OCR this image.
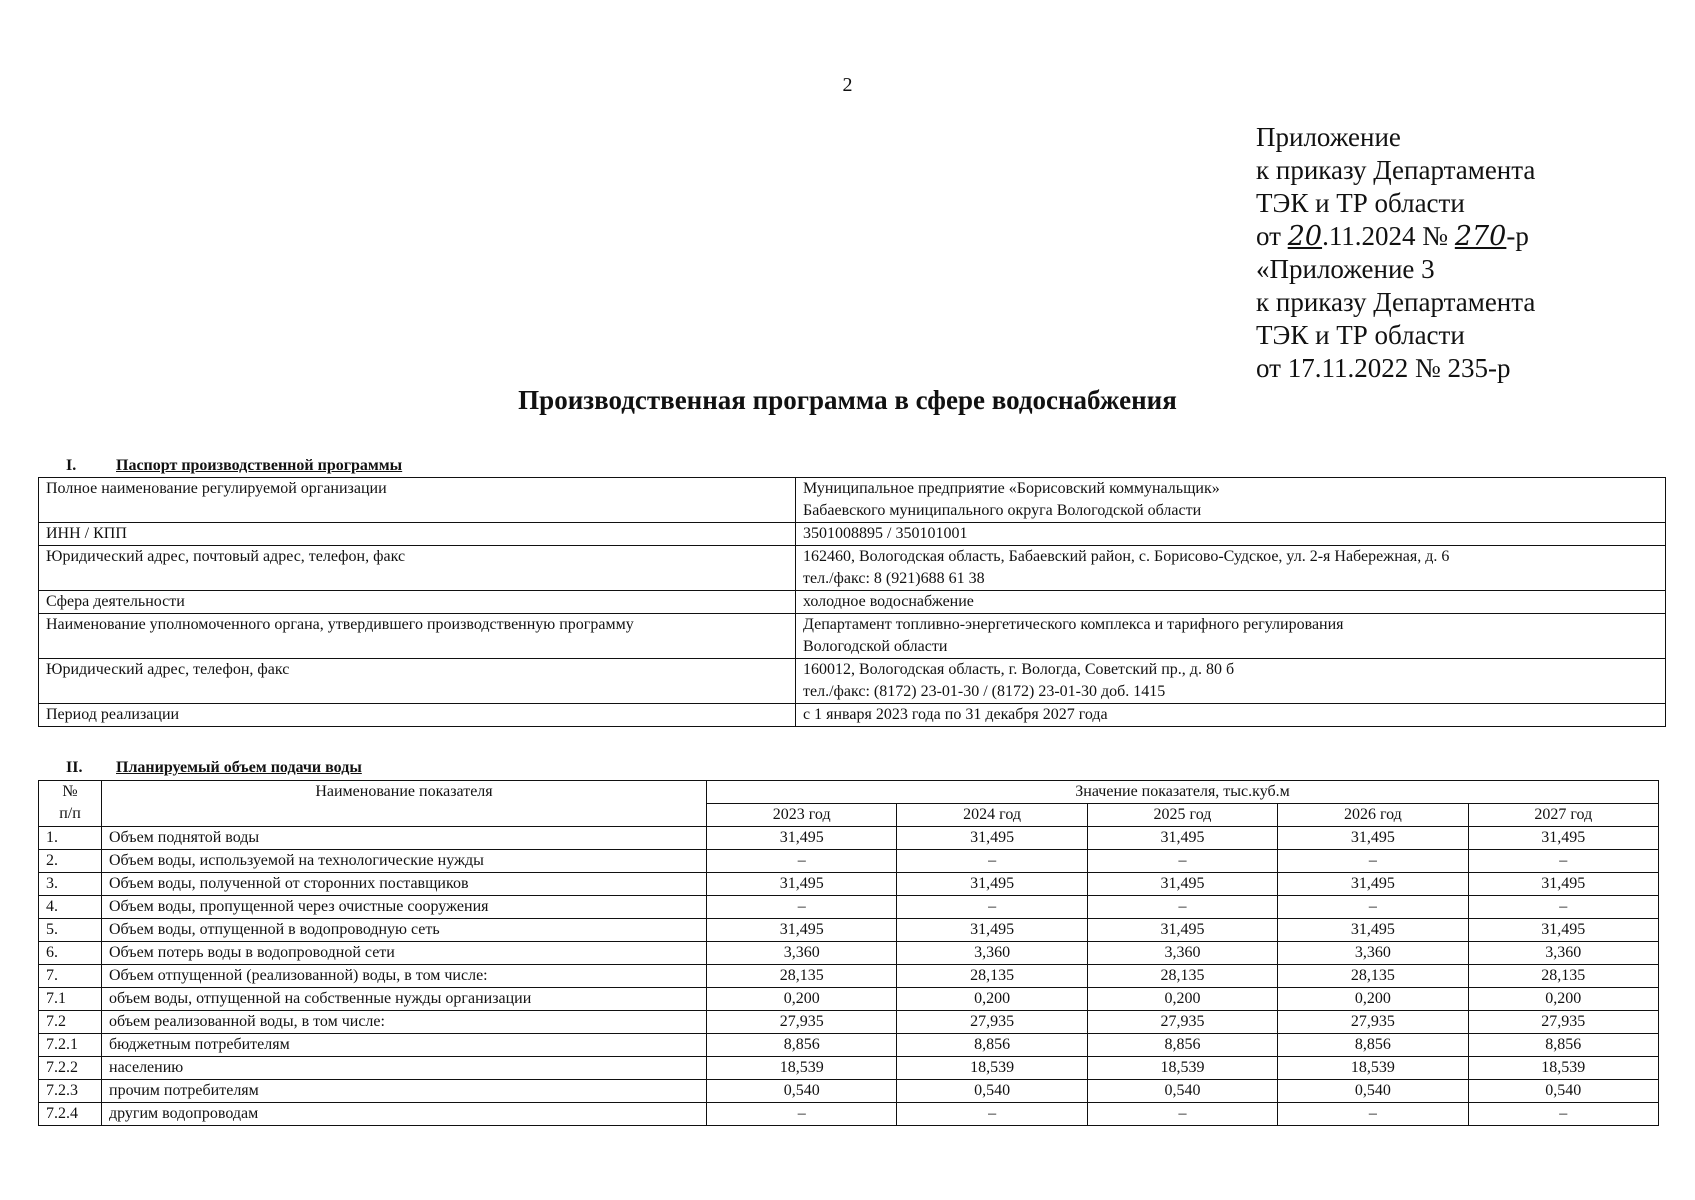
2
Приложение
к приказу Департамента
ТЭК и ТР области
от 20.11.2024 № 270-р
«Приложение 3
к приказу Департамента
ТЭК и ТР области
от 17.11.2022 № 235-р
Производственная программа в сфере водоснабжения
I. Паспорт производственной программы
Полное наименование регулируемой организации	Муниципальное предприятие «Борисовский коммунальщик»
Бабаевского муниципального округа Вологодской области

ИНН / КПП	3501008895 / 350101001

Юридический адрес, почтовый адрес, телефон, факс	162460, Вологодская область, Бабаевский район, с. Борисово-Судское, ул. 2-я Набережная, д. 6
тел./факс: 8 (921)688 61 38

Сфера деятельности	холодное водоснабжение

Наименование уполномоченного органа, утвердившего производственную программу	Департамент топливно-энергетического комплекса и тарифного регулирования
Вологодской области

Юридический адрес, телефон, факс	160012, Вологодская область, г. Вологда, Советский пр., д. 80 б
тел./факс: (8172) 23-01-30 / (8172) 23-01-30 доб. 1415

Период реализации	с 1 января 2023 года по 31 декабря 2027 года
II. Планируемый объем подачи воды
№
п/п	Наименование показателя	Значение показателя, тыс.куб.м				
		2023 год	2024 год	2025 год	2026 год	2027 год
1.	Объем поднятой воды	31,495	31,495	31,495	31,495	31,495
2.	Объем воды, используемой на технологические нужды	–	–	–	–	–
3.	Объем воды, полученной от сторонних поставщиков	31,495	31,495	31,495	31,495	31,495
4.	Объем воды, пропущенной через очистные сооружения	–	–	–	–	–
5.	Объем воды, отпущенной в водопроводную сеть	31,495	31,495	31,495	31,495	31,495
6.	Объем потерь воды в водопроводной сети	3,360	3,360	3,360	3,360	3,360
7.	Объем отпущенной (реализованной) воды, в том числе:	28,135	28,135	28,135	28,135	28,135
7.1	объем воды, отпущенной на собственные нужды организации	0,200	0,200	0,200	0,200	0,200
7.2	объем реализованной воды, в том числе:	27,935	27,935	27,935	27,935	27,935
7.2.1	бюджетным потребителям	8,856	8,856	8,856	8,856	8,856
7.2.2	населению	18,539	18,539	18,539	18,539	18,539
7.2.3	прочим потребителям	0,540	0,540	0,540	0,540	0,540
7.2.4	другим водопроводам	–	–	–	–	–
